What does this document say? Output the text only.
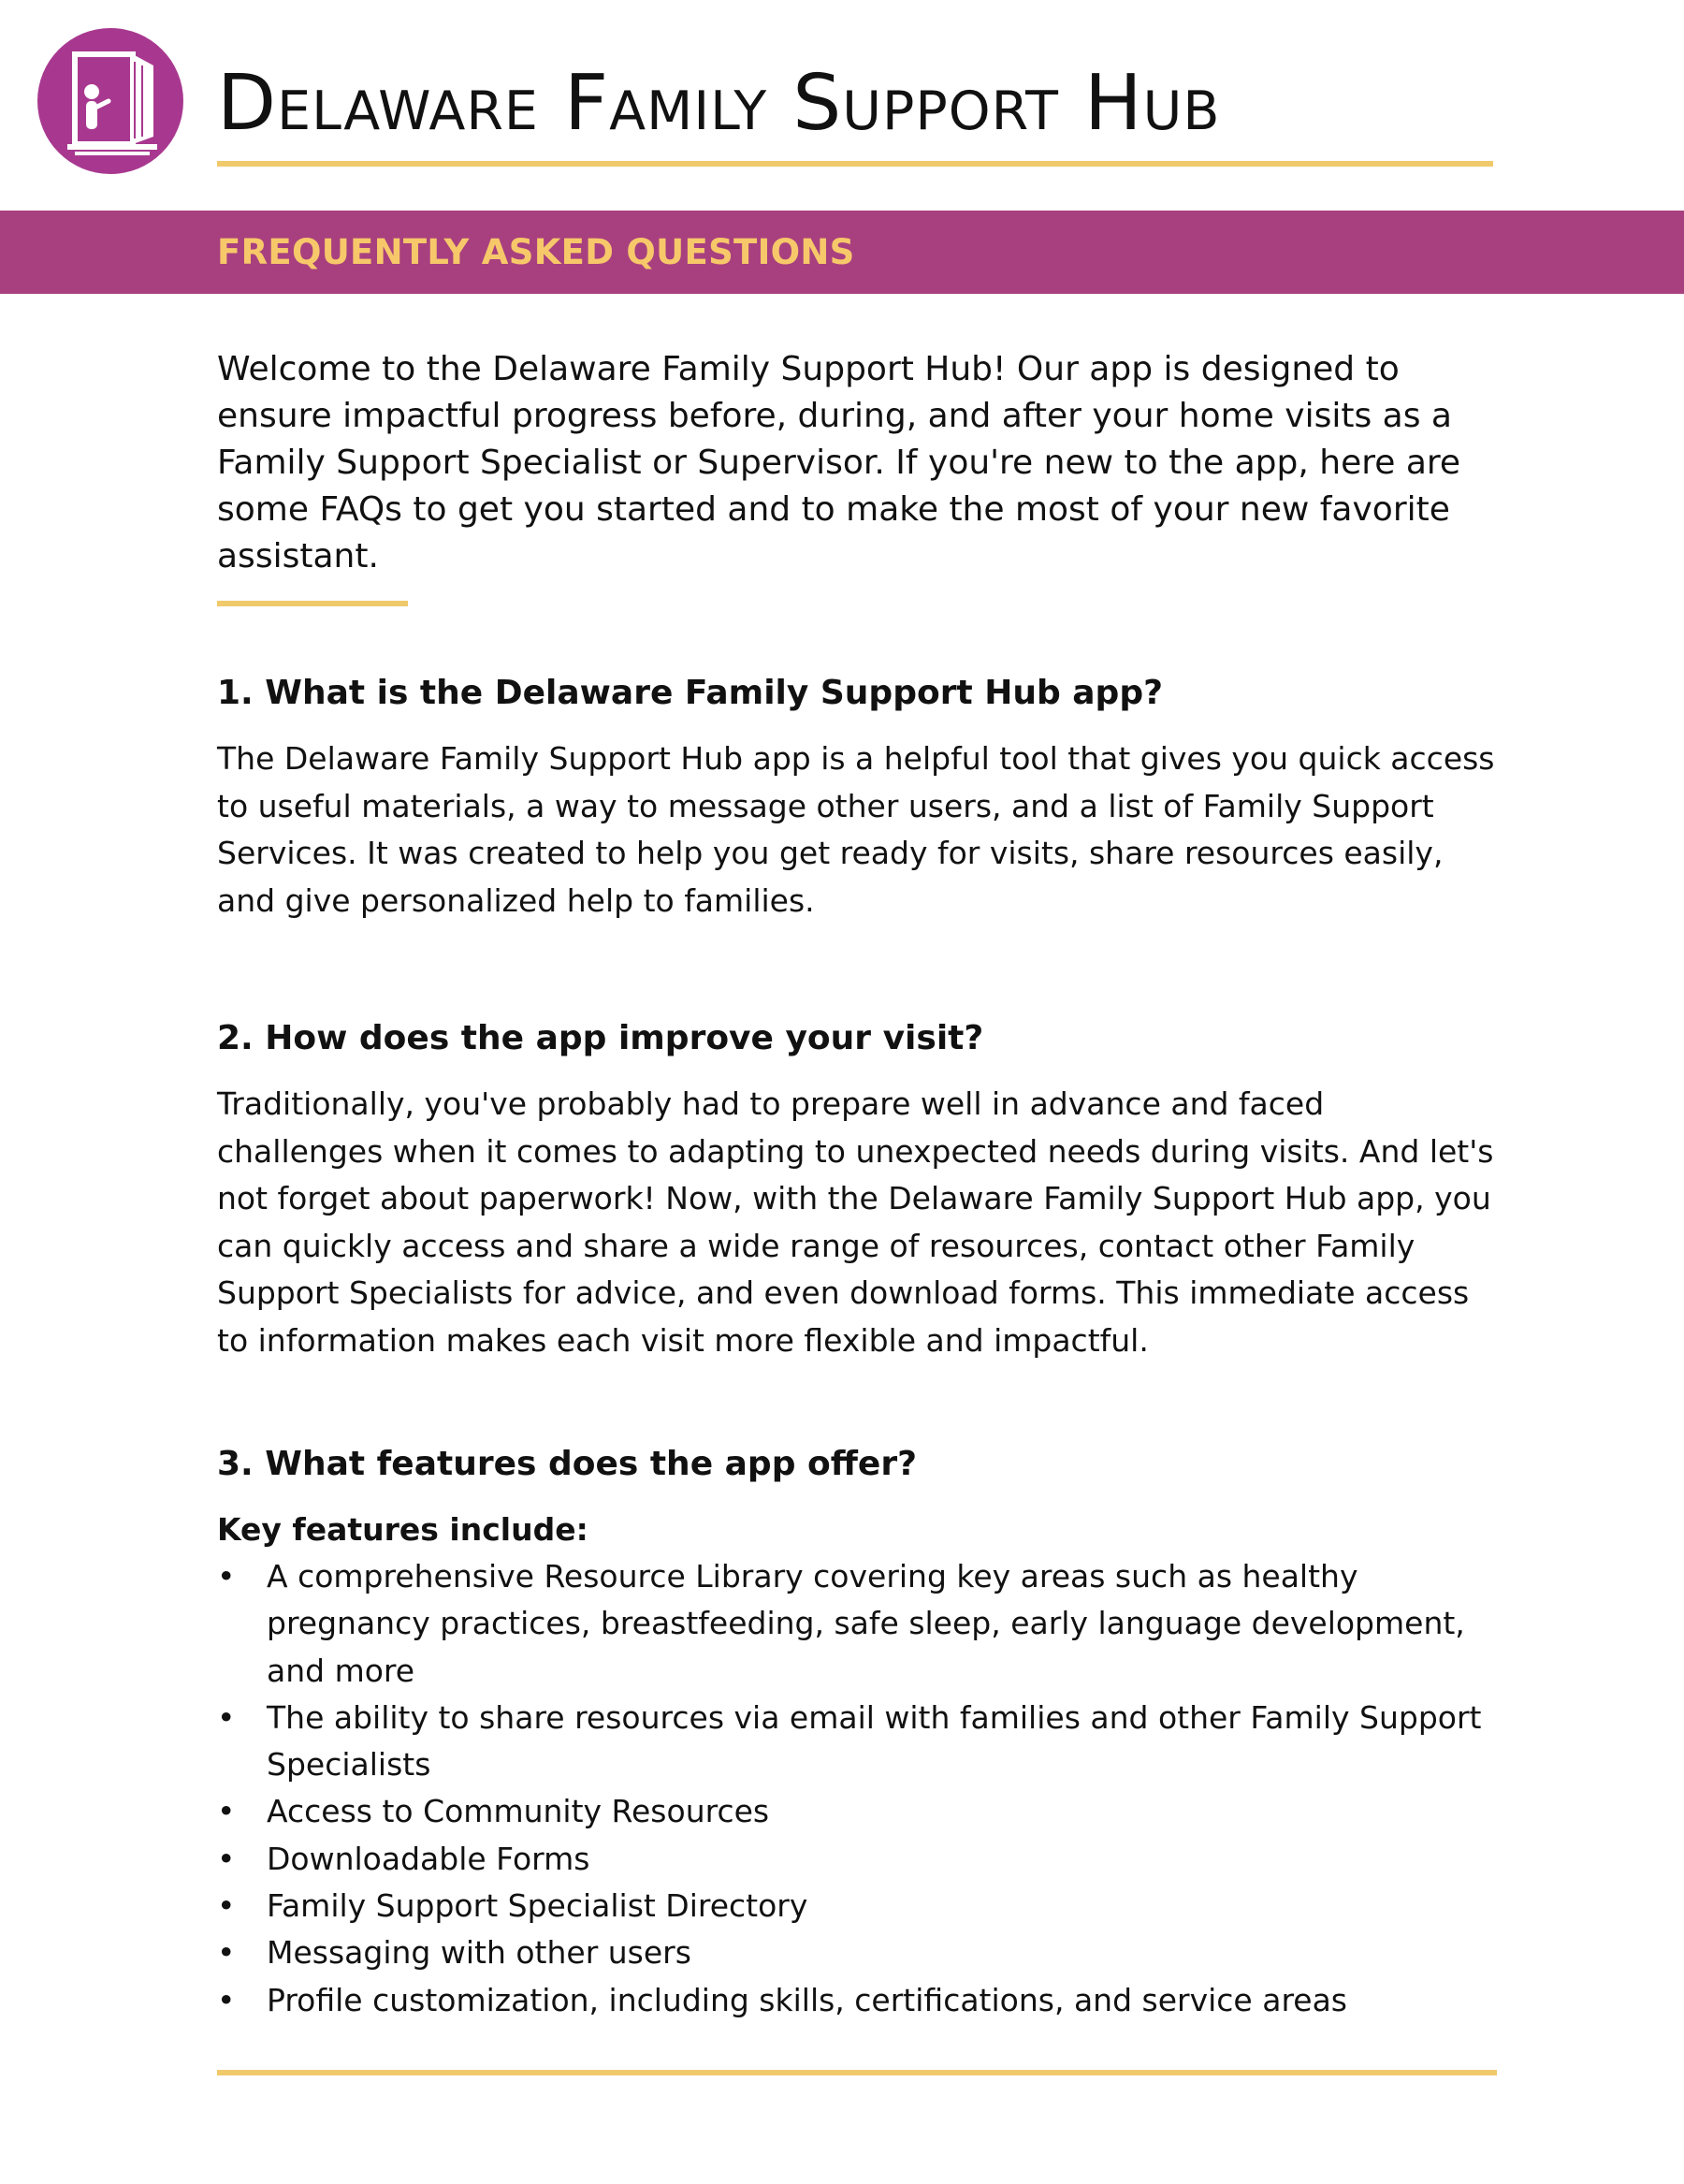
Delaware Family Support Hub
FREQUENTLY ASKED QUESTIONS

Welcome to the Delaware Family Support Hub! Our app is designed to ensure impactful progress before, during, and after your home visits as a Family Support Specialist or Supervisor. If you're new to the app, here are some FAQs to get you started and to make the most of your new favorite assistant.

1. What is the Delaware Family Support Hub app?

The Delaware Family Support Hub app is a helpful tool that gives you quick access to useful materials, a way to message other users, and a list of Family Support Services. It was created to help you get ready for visits, share resources easily, and give personalized help to families.

2. How does the app improve your visit?

Traditionally, you've probably had to prepare well in advance and faced challenges when it comes to adapting to unexpected needs during visits. And let's not forget about paperwork! Now, with the Delaware Family Support Hub app, you can quickly access and share a wide range of resources, contact other Family Support Specialists for advice, and even download forms. This immediate access to information makes each visit more flexible and impactful.

3. What features does the app offer?

Key features include:

•	A comprehensive Resource Library covering key areas such as healthy pregnancy practices, breastfeeding, safe sleep, early language development, and more
•	The ability to share resources via email with families and other Family Support Specialists
•	Access to Community Resources
•	Downloadable Forms
•	Family Support Specialist Directory
•	Messaging with other users
•	Profile customization, including skills, certifications, and service areas
